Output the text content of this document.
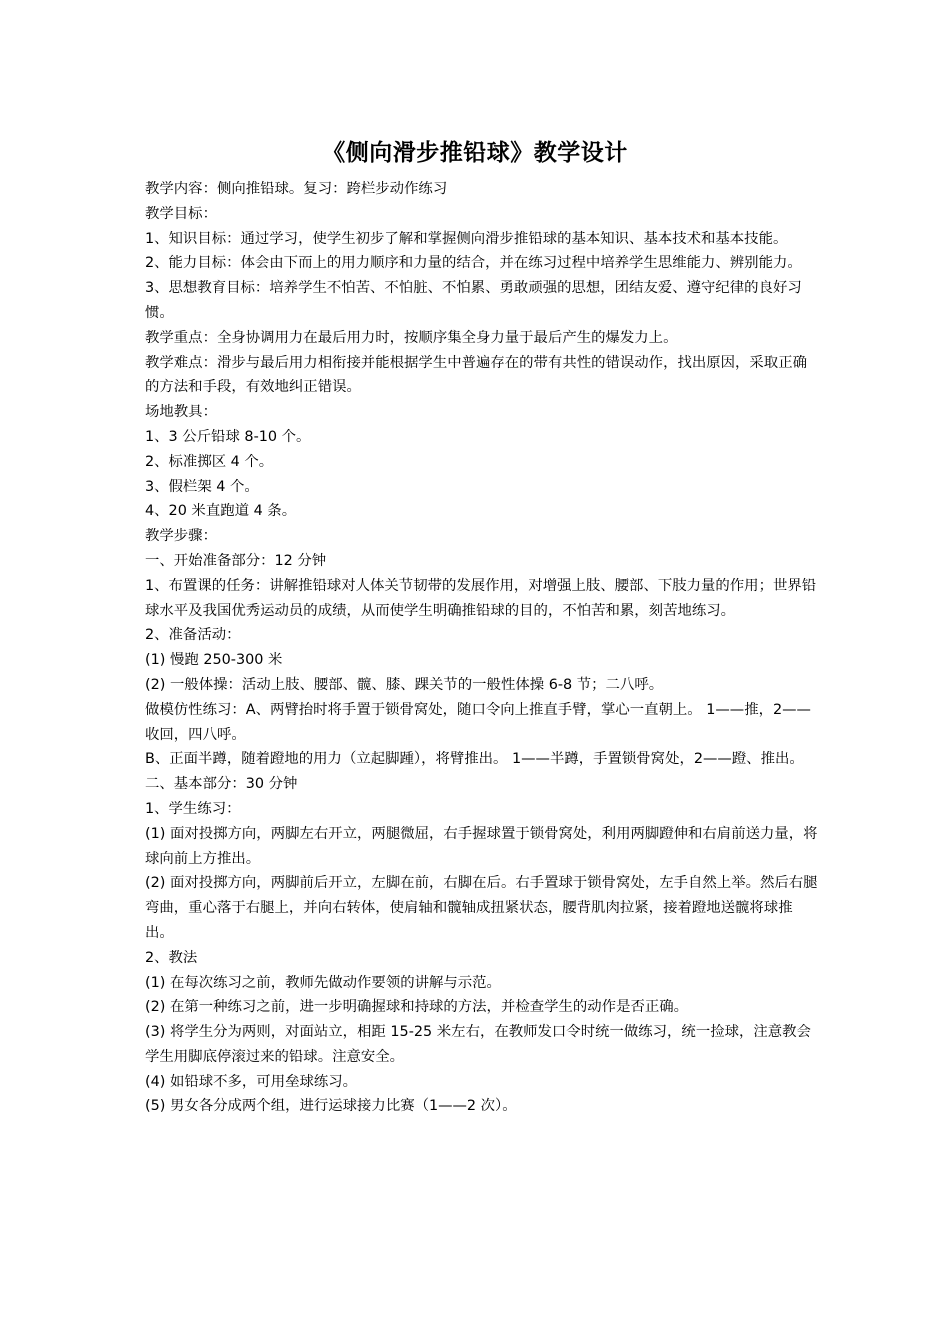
《侧向滑步推铅球》教学设计

教学内容：侧向推铅球。复习：跨栏步动作练习

教学目标：

1、知识目标：通过学习，使学生初步了解和掌握侧向滑步推铅球的基本知识、基本技术和基本技能。

2、能力目标：体会由下而上的用力顺序和力量的结合，并在练习过程中培养学生思维能力、辨别能力。

3、思想教育目标：培养学生不怕苦、不怕脏、不怕累、勇敢顽强的思想，团结友爱、遵守纪律的良好习惯。

教学重点：全身协调用力在最后用力时，按顺序集全身力量于最后产生的爆发力上。

教学难点：滑步与最后用力相衔接并能根据学生中普遍存在的带有共性的错误动作，找出原因，采取正确的方法和手段，有效地纠正错误。

场地教具：

1、3 公斤铅球 8-10 个。

2、标准掷区 4 个。

3、假栏架 4 个。

4、20 米直跑道 4 条。

教学步骤：

一、开始准备部分：12 分钟

1、布置课的任务：讲解推铅球对人体关节韧带的发展作用，对增强上肢、腰部、下肢力量的作用；世界铅球水平及我国优秀运动员的成绩，从而使学生明确推铅球的目的，不怕苦和累，刻苦地练习。

2、准备活动：

(1) 慢跑 250-300 米

(2) 一般体操：活动上肢、腰部、髋、膝、踝关节的一般性体操 6-8 节；二八呼。

做模仿性练习：A、两臂抬时将手置于锁骨窝处，随口令向上推直手臂，掌心一直朝上。 1——推，2——收回，四八呼。

B、正面半蹲，随着蹬地的用力（立起脚踵），将臂推出。 1——半蹲，手置锁骨窝处，2——蹬、推出。

二、基本部分：30 分钟

1、学生练习：

(1) 面对投掷方向，两脚左右开立，两腿微屈，右手握球置于锁骨窝处，利用两脚蹬伸和右肩前送力量，将球向前上方推出。

(2) 面对投掷方向，两脚前后开立，左脚在前，右脚在后。右手置球于锁骨窝处，左手自然上举。然后右腿弯曲，重心落于右腿上，并向右转体，使肩轴和髋轴成扭紧状态，腰背肌肉拉紧，接着蹬地送髋将球推出。

2、教法

(1) 在每次练习之前，教师先做动作要领的讲解与示范。

(2) 在第一种练习之前，进一步明确握球和持球的方法，并检查学生的动作是否正确。

(3) 将学生分为两则，对面站立，相距 15-25 米左右，在教师发口令时统一做练习，统一捡球，注意教会学生用脚底停滚过来的铅球。注意安全。

(4) 如铅球不多，可用垒球练习。

(5) 男女各分成两个组，进行运球接力比赛（1——2 次）。
